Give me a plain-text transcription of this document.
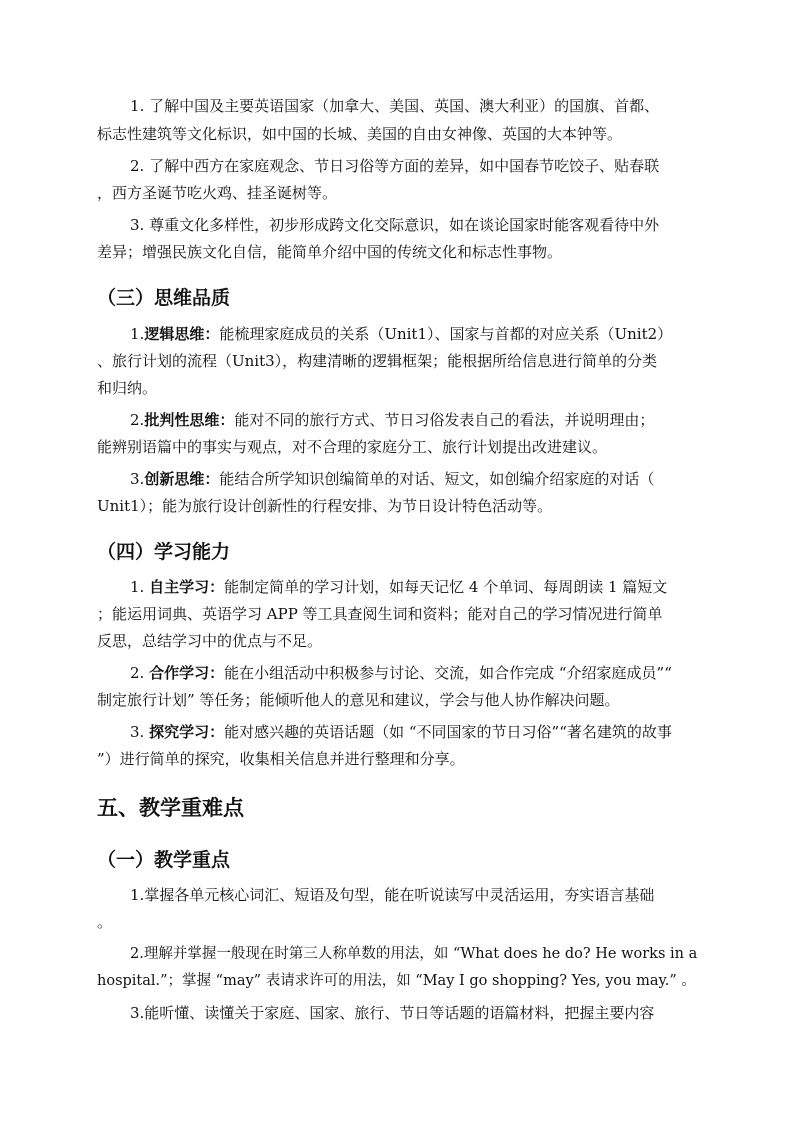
1. 了解中国及主要英语国家（加拿大、美国、英国、澳大利亚）的国旗、首都、
标志性建筑等文化标识，如中国的长城、美国的自由女神像、英国的大本钟等。
2. 了解中西方在家庭观念、节日习俗等方面的差异，如中国春节吃饺子、贴春联
，西方圣诞节吃火鸡、挂圣诞树等。
3. 尊重文化多样性，初步形成跨文化交际意识，如在谈论国家时能客观看待中外
差异；增强民族文化自信，能简单介绍中国的传统文化和标志性事物。
（三）思维品质
1.逻辑思维：能梳理家庭成员的关系（Unit1）、国家与首都的对应关系（Unit2）
、旅行计划的流程（Unit3），构建清晰的逻辑框架；能根据所给信息进行简单的分类
和归纳。
2.批判性思维：能对不同的旅行方式、节日习俗发表自己的看法，并说明理由；
能辨别语篇中的事实与观点，对不合理的家庭分工、旅行计划提出改进建议。
3.创新思维：能结合所学知识创编简单的对话、短文，如创编介绍家庭的对话（
Unit1）；能为旅行设计创新性的行程安排、为节日设计特色活动等。
（四）学习能力
1. 自主学习：能制定简单的学习计划，如每天记忆 4 个单词、每周朗读 1 篇短文
；能运用词典、英语学习 APP 等工具查阅生词和资料；能对自己的学习情况进行简单
反思，总结学习中的优点与不足。
2. 合作学习：能在小组活动中积极参与讨论、交流，如合作完成 “介绍家庭成员”“
制定旅行计划” 等任务；能倾听他人的意见和建议，学会与他人协作解决问题。
3. 探究学习：能对感兴趣的英语话题（如 “不同国家的节日习俗”“著名建筑的故事
”）进行简单的探究，收集相关信息并进行整理和分享。
五、教学重难点
（一）教学重点
1.掌握各单元核心词汇、短语及句型，能在听说读写中灵活运用，夯实语言基础
。
2.理解并掌握一般现在时第三人称单数的用法，如 “What does he do? He works in a
hospital.”；掌握 “may” 表请求许可的用法，如 “May I go shopping? Yes, you may.” 。
3.能听懂、读懂关于家庭、国家、旅行、节日等话题的语篇材料，把握主要内容
